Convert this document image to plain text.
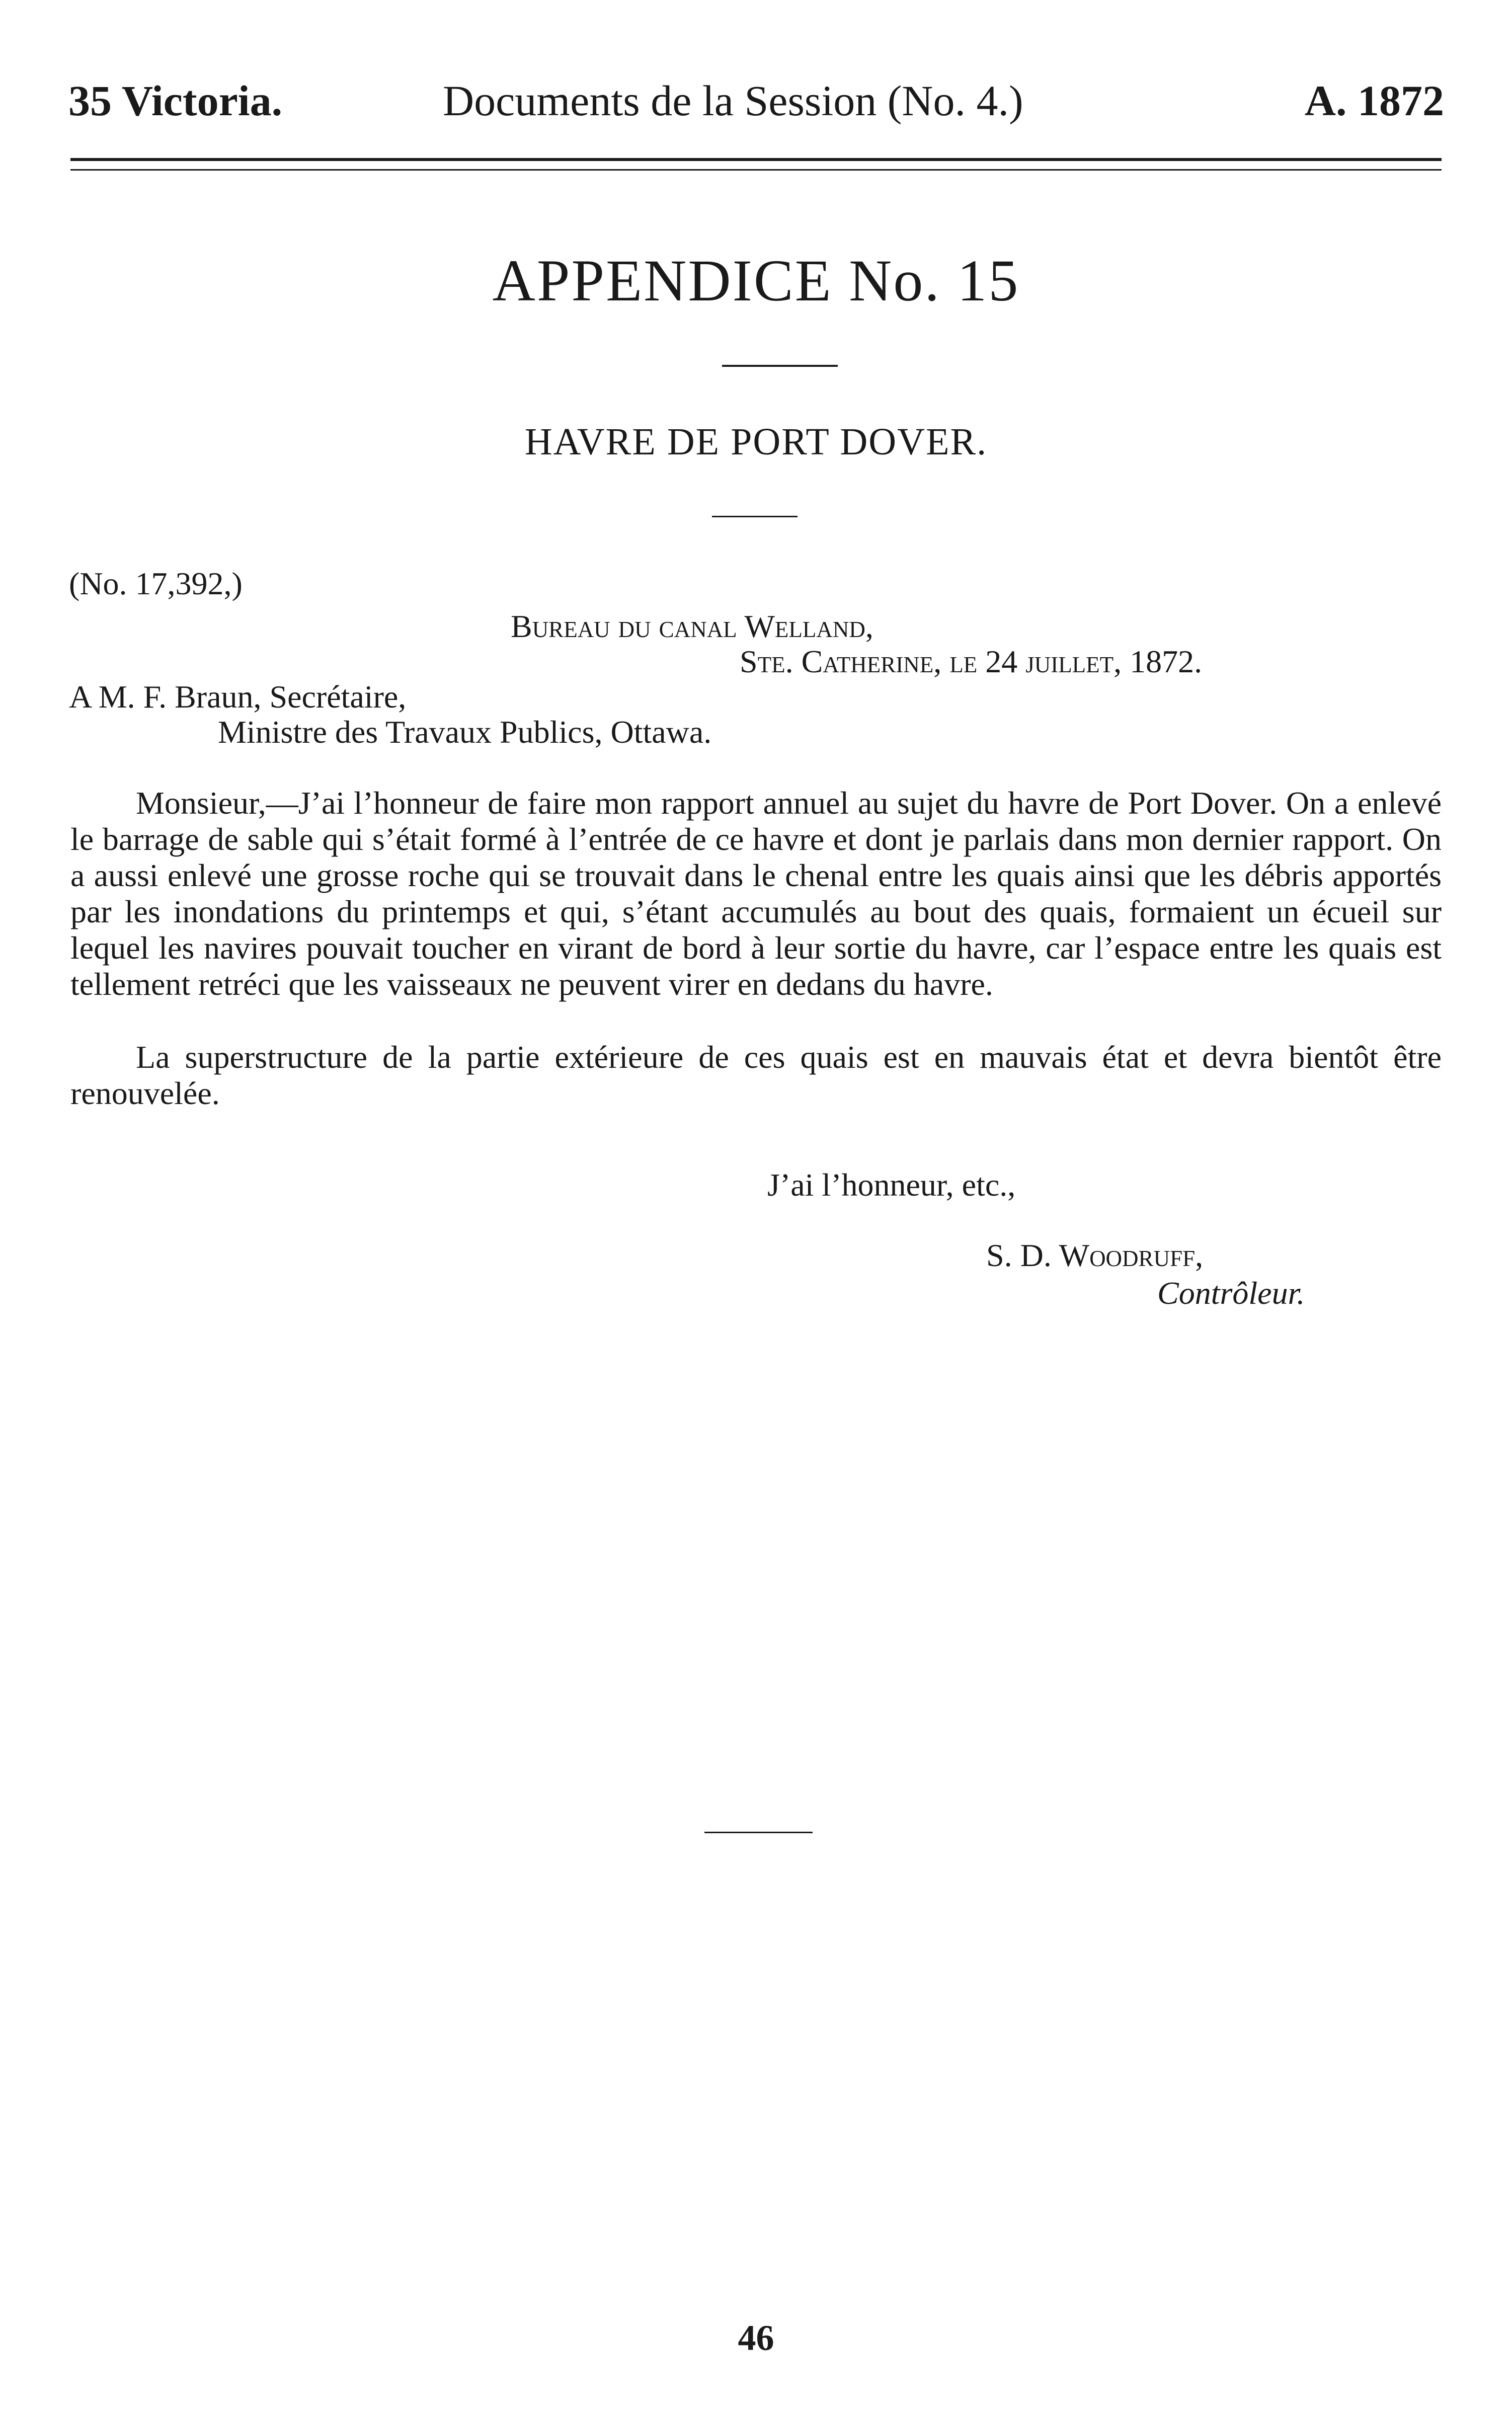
35 Victoria.	Documents de la Session (No. 4.)	A. 1872
APPENDICE No. 15
HAVRE DE PORT DOVER.
(No. 17,392,)
Bureau du canal Welland,
Ste. Catherine, le 24 juillet, 1872.
A M. F. Braun, Secrétaire,
Ministre des Travaux Publics, Ottawa.
Monsieur,—J’ai l’honneur de faire mon rapport annuel au sujet du havre de Port Dover. On a enlevé le barrage de sable qui s’était formé à l’entrée de ce havre et dont je parlais dans mon dernier rapport. On a aussi enlevé une grosse roche qui se trouvait dans le chenal entre les quais ainsi que les débris apportés par les inondations du printemps et qui, s’étant accumulés au bout des quais, formaient un écueil sur lequel les navires pouvait toucher en virant de bord à leur sortie du havre, car l’espace entre les quais est tellement retréci que les vaisseaux ne peuvent virer en dedans du havre.
La superstructure de la partie extérieure de ces quais est en mauvais état et devra bientôt être renouvelée.
J’ai l’honneur, etc.,
S. D. Woodruff,
Contrôleur.
46
